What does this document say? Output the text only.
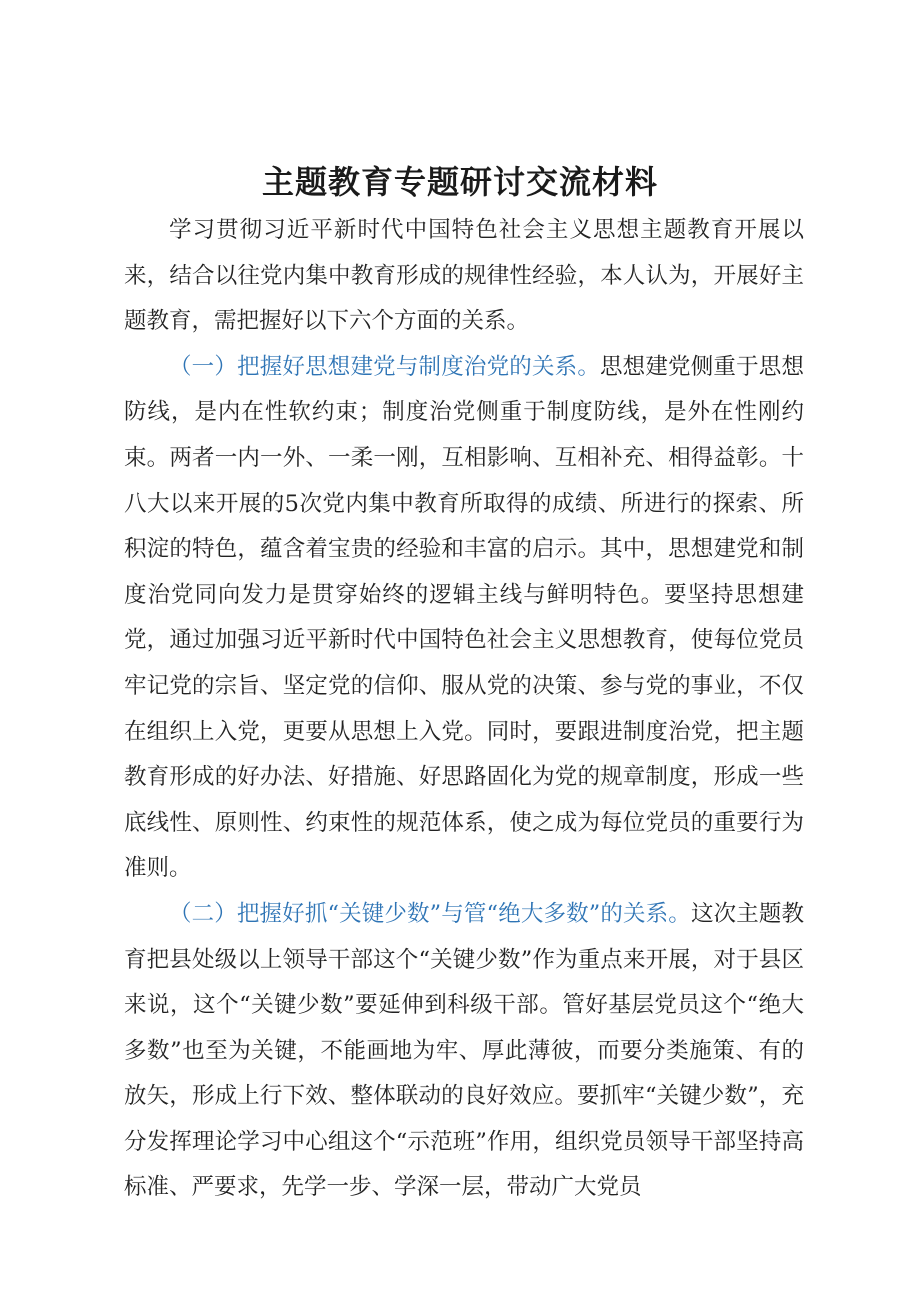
主题教育专题研讨交流材料

学习贯彻习近平新时代中国特色社会主义思想主题教育开展以来，结合以往党内集中教育形成的规律性经验，本人认为，开展好主题教育，需把握好以下六个方面的关系。

（一）把握好思想建党与制度治党的关系。思想建党侧重于思想防线，是内在性软约束；制度治党侧重于制度防线，是外在性刚约束。两者一内一外、一柔一刚，互相影响、互相补充、相得益彰。十八大以来开展的5次党内集中教育所取得的成绩、所进行的探索、所积淀的特色，蕴含着宝贵的经验和丰富的启示。其中，思想建党和制度治党同向发力是贯穿始终的逻辑主线与鲜明特色。要坚持思想建党，通过加强习近平新时代中国特色社会主义思想教育，使每位党员牢记党的宗旨、坚定党的信仰、服从党的决策、参与党的事业，不仅在组织上入党，更要从思想上入党。同时，要跟进制度治党，把主题教育形成的好办法、好措施、好思路固化为党的规章制度，形成一些底线性、原则性、约束性的规范体系，使之成为每位党员的重要行为准则。

（二）把握好抓“关键少数”与管“绝大多数”的关系。这次主题教育把县处级以上领导干部这个“关键少数”作为重点来开展，对于县区来说，这个“关键少数”要延伸到科级干部。管好基层党员这个“绝大多数”也至为关键，不能画地为牢、厚此薄彼，而要分类施策、有的放矢，形成上行下效、整体联动的良好效应。要抓牢“关键少数”，充分发挥理论学习中心组这个“示范班”作用，组织党员领导干部坚持高标准、严要求，先学一步、学深一层，带动广大党员
